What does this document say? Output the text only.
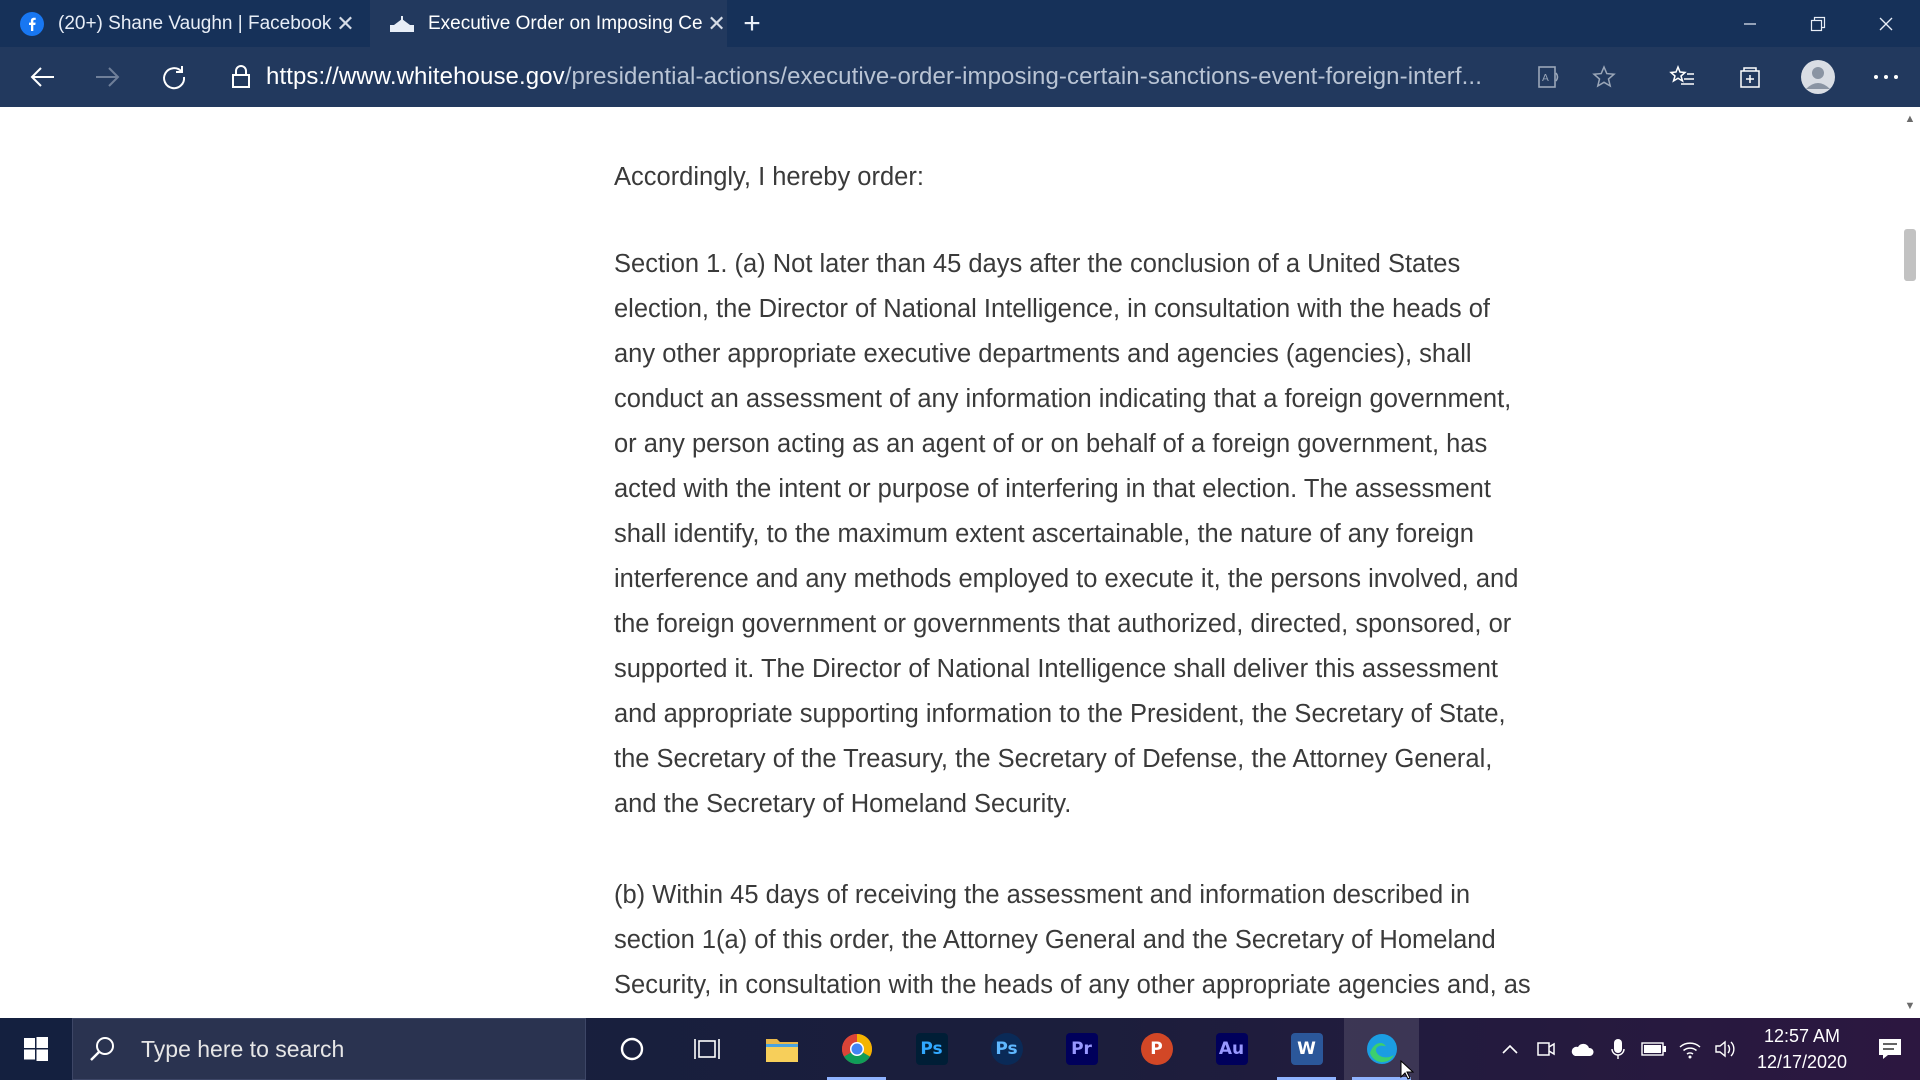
(20+) Shane Vaughn | Facebook ✕	Executive Order on Imposing Ce ✕ +
https://www.whitehouse.gov/presidential-actions/executive-order-imposing-certain-sanctions-event-foreign-interf...	A

Accordingly, I hereby order:

Section 1. (a) Not later than 45 days after the conclusion of a United States election, the Director of National Intelligence, in consultation with the heads of any other appropriate executive departments and agencies (agencies), shall conduct an assessment of any information indicating that a foreign government, or any person acting as an agent of or on behalf of a foreign government, has acted with the intent or purpose of interfering in that election. The assessment shall identify, to the maximum extent ascertainable, the nature of any foreign interference and any methods employed to execute it, the persons involved, and the foreign government or governments that authorized, directed, sponsored, or supported it. The Director of National Intelligence shall deliver this assessment and appropriate supporting information to the President, the Secretary of State, the Secretary of the Treasury, the Secretary of Defense, the Attorney General, and the Secretary of Homeland Security.

(b) Within 45 days of receiving the assessment and information described in section 1(a) of this order, the Attorney General and the Secretary of Homeland Security, in consultation with the heads of any other appropriate agencies and, as

▲
▼
Type here to search	Ps	Ps	Pr	P	Au	W
12:57 AM
12/17/2020
